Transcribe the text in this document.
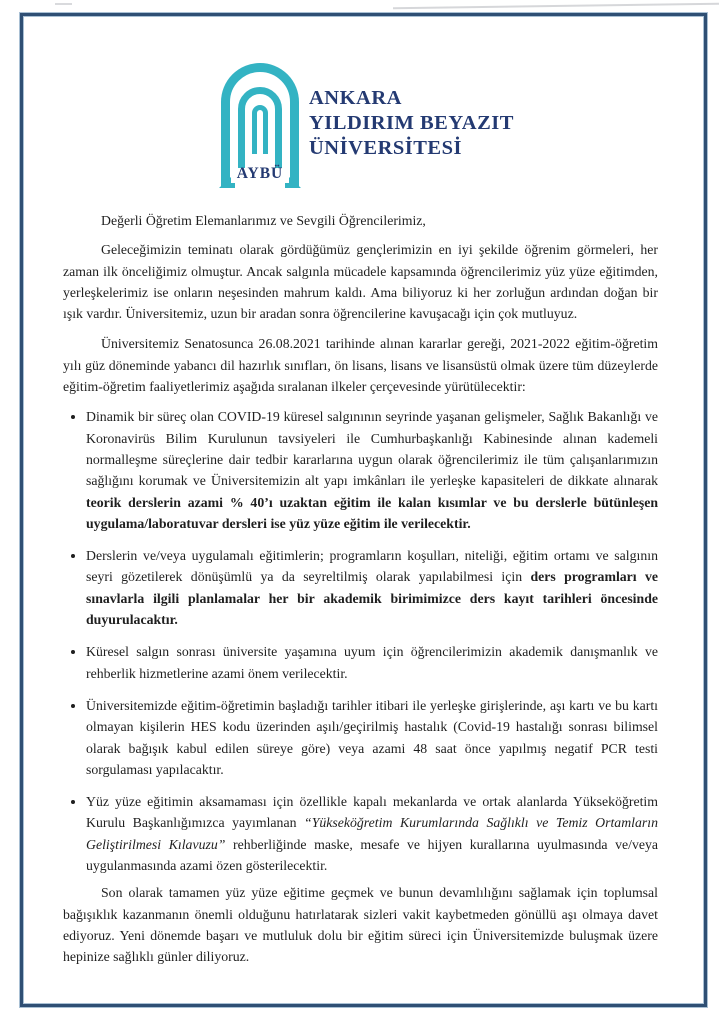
AYBÜ
ANKARA
YILDIRIM BEYAZIT
ÜNİVERSİTESİ

Değerli Öğretim Elemanlarımız ve Sevgili Öğrencilerimiz,

Geleceğimizin teminatı olarak gördüğümüz gençlerimizin en iyi şekilde öğrenim görmeleri, her zaman ilk önceliğimiz olmuştur. Ancak salgınla mücadele kapsamında öğrencilerimiz yüz yüze eğitimden, yerleşkelerimiz ise onların neşesinden mahrum kaldı. Ama biliyoruz ki her zorluğun ardından doğan bir ışık vardır. Üniversitemiz, uzun bir aradan sonra öğrencilerine kavuşacağı için çok mutluyuz.

Üniversitemiz Senatosunca 26.08.2021 tarihinde alınan kararlar gereği, 2021-2022 eğitim-öğretim yılı güz döneminde yabancı dil hazırlık sınıfları, ön lisans, lisans ve lisansüstü olmak üzere tüm düzeylerde eğitim-öğretim faaliyetlerimiz aşağıda sıralanan ilkeler çerçevesinde yürütülecektir:

• Dinamik bir süreç olan COVID-19 küresel salgınının seyrinde yaşanan gelişmeler, Sağlık Bakanlığı ve Koronavirüs Bilim Kurulunun tavsiyeleri ile Cumhurbaşkanlığı Kabinesinde alınan kademeli normalleşme süreçlerine dair tedbir kararlarına uygun olarak öğrencilerimiz ile tüm çalışanlarımızın sağlığını korumak ve Üniversitemizin alt yapı imkânları ile yerleşke kapasiteleri de dikkate alınarak teorik derslerin azami % 40’ı uzaktan eğitim ile kalan kısımlar ve bu derslerle bütünleşen uygulama/laboratuvar dersleri ise yüz yüze eğitim ile verilecektir.
• Derslerin ve/veya uygulamalı eğitimlerin; programların koşulları, niteliği, eğitim ortamı ve salgının seyri gözetilerek dönüşümlü ya da seyreltilmiş olarak yapılabilmesi için ders programları ve sınavlarla ilgili planlamalar her bir akademik birimimizce ders kayıt tarihleri öncesinde duyurulacaktır.
• Küresel salgın sonrası üniversite yaşamına uyum için öğrencilerimizin akademik danışmanlık ve rehberlik hizmetlerine azami önem verilecektir.
• Üniversitemizde eğitim-öğretimin başladığı tarihler itibari ile yerleşke girişlerinde, aşı kartı ve bu kartı olmayan kişilerin HES kodu üzerinden aşılı/geçirilmiş hastalık (Covid-19 hastalığı sonrası bilimsel olarak bağışık kabul edilen süreye göre) veya azami 48 saat önce yapılmış negatif PCR testi sorgulaması yapılacaktır.
• Yüz yüze eğitimin aksamaması için özellikle kapalı mekanlarda ve ortak alanlarda Yükseköğretim Kurulu Başkanlığımızca yayımlanan “Yükseköğretim Kurumlarında Sağlıklı ve Temiz Ortamların Geliştirilmesi Kılavuzu” rehberliğinde maske, mesafe ve hijyen kurallarına uyulmasında ve/veya uygulanmasında azami özen gösterilecektir.

Son olarak tamamen yüz yüze eğitime geçmek ve bunun devamlılığını sağlamak için toplumsal bağışıklık kazanmanın önemli olduğunu hatırlatarak sizleri vakit kaybetmeden gönüllü aşı olmaya davet ediyoruz. Yeni dönemde başarı ve mutluluk dolu bir eğitim süreci için Üniversitemizde buluşmak üzere hepinize sağlıklı günler diliyoruz.
